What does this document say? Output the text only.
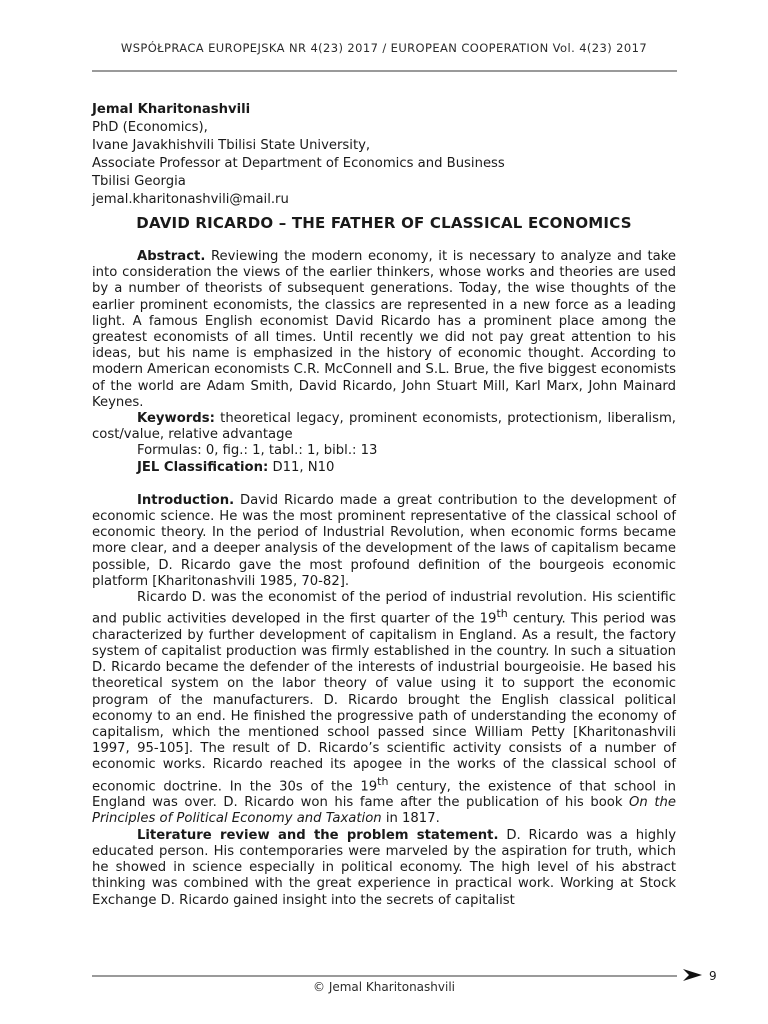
WSPÓŁPRACA EUROPEJSKA NR 4(23) 2017 / EUROPEAN COOPERATION Vol. 4(23) 2017
Jemal Kharitonashvili
PhD (Economics),
Ivane Javakhishvili Tbilisi State University,
Associate Professor at Department of Economics and Business
Tbilisi Georgia
jemal.kharitonashvili@mail.ru
DAVID RICARDO – THE FATHER OF CLASSICAL ECONOMICS

Abstract. Reviewing the modern economy, it is necessary to analyze and take into consideration the views of the earlier thinkers, whose works and theories are used by a number of theorists of subsequent generations. Today, the wise thoughts of the earlier prominent economists, the classics are represented in a new force as a leading light. A famous English economist David Ricardo has a prominent place among the greatest economists of all times. Until recently we did not pay great attention to his ideas, but his name is emphasized in the history of economic thought. According to modern American economists C.R. McConnell and S.L. Brue, the five biggest economists of the world are Adam Smith, David Ricardo, John Stuart Mill, Karl Marx, John Mainard Keynes.

Keywords: theoretical legacy, prominent economists, protectionism, liberalism, cost/value, relative advantage

Formulas: 0, fig.: 1, tabl.: 1, bibl.: 13

JEL Classification: D11, N10

Introduction. David Ricardo made a great contribution to the development of economic science. He was the most prominent representative of the classical school of economic theory. In the period of Industrial Revolution, when economic forms became more clear, and a deeper analysis of the development of the laws of capitalism became possible, D. Ricardo gave the most profound definition of the bourgeois economic platform [Kharitonashvili 1985, 70-82].

Ricardo D. was the economist of the period of industrial revolution. His scientific and public activities developed in the first quarter of the 19th century. This period was characterized by further development of capitalism in England. As a result, the factory system of capitalist production was firmly established in the country. In such a situation D. Ricardo became the defender of the interests of industrial bourgeoisie. He based his theoretical system on the labor theory of value using it to support the economic program of the manufacturers. D. Ricardo brought the English classical political economy to an end. He finished the progressive path of understanding the economy of capitalism, which the mentioned school passed since William Petty [Kharitonashvili 1997, 95-105]. The result of D. Ricardo’s scientific activity consists of a number of economic works. Ricardo reached its apogee in the works of the classical school of economic doctrine. In the 30s of the 19th century, the existence of that school in England was over. D. Ricardo won his fame after the publication of his book On the Principles of Political Economy and Taxation in 1817.

Literature review and the problem statement. D. Ricardo was a highly educated person. His contemporaries were marveled by the aspiration for truth, which he showed in science especially in political economy. The high level of his abstract thinking was combined with the great experience in practical work. Working at Stock Exchange D. Ricardo gained insight into the secrets of capitalist

9
© Jemal Kharitonashvili
